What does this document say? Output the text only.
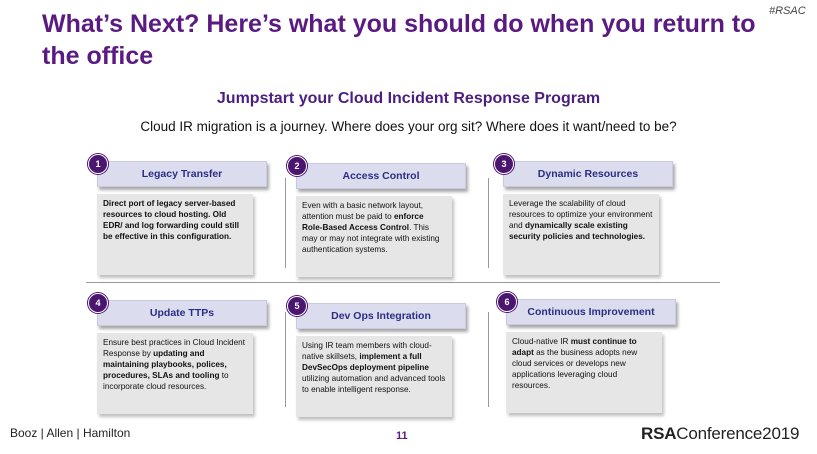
What’s Next? Here’s what you should do when you return to the office
#RSAC
Jumpstart your Cloud Incident Response Program
Cloud IR migration is a journey. Where does your org sit? Where does it want/need to be?
1
Legacy Transfer
Direct port of legacy server-based resources to cloud hosting. Old EDR/ and log forwarding could still be effective in this configuration.
2
Access Control
Even with a basic network layout, attention must be paid to enforce Role-Based Access Control. This may or may not integrate with existing authentication systems.
3
Dynamic Resources
Leverage the scalability of cloud resources to optimize your environment and dynamically scale existing security policies and technologies.
4
Update TTPs
Ensure best practices in Cloud Incident Response by updating and maintaining playbooks, polices, procedures, SLAs and tooling to incorporate cloud resources.
5
Dev Ops Integration
Using IR team members with cloud-native skillsets, implement a full DevSecOps deployment pipeline utilizing automation and advanced tools to enable intelligent response.
6
Continuous Improvement
Cloud-native IR must continue to adapt as the business adopts new cloud services or develops new applications leveraging cloud resources.
Booz | Allen | Hamilton	11	RSAConference2019
